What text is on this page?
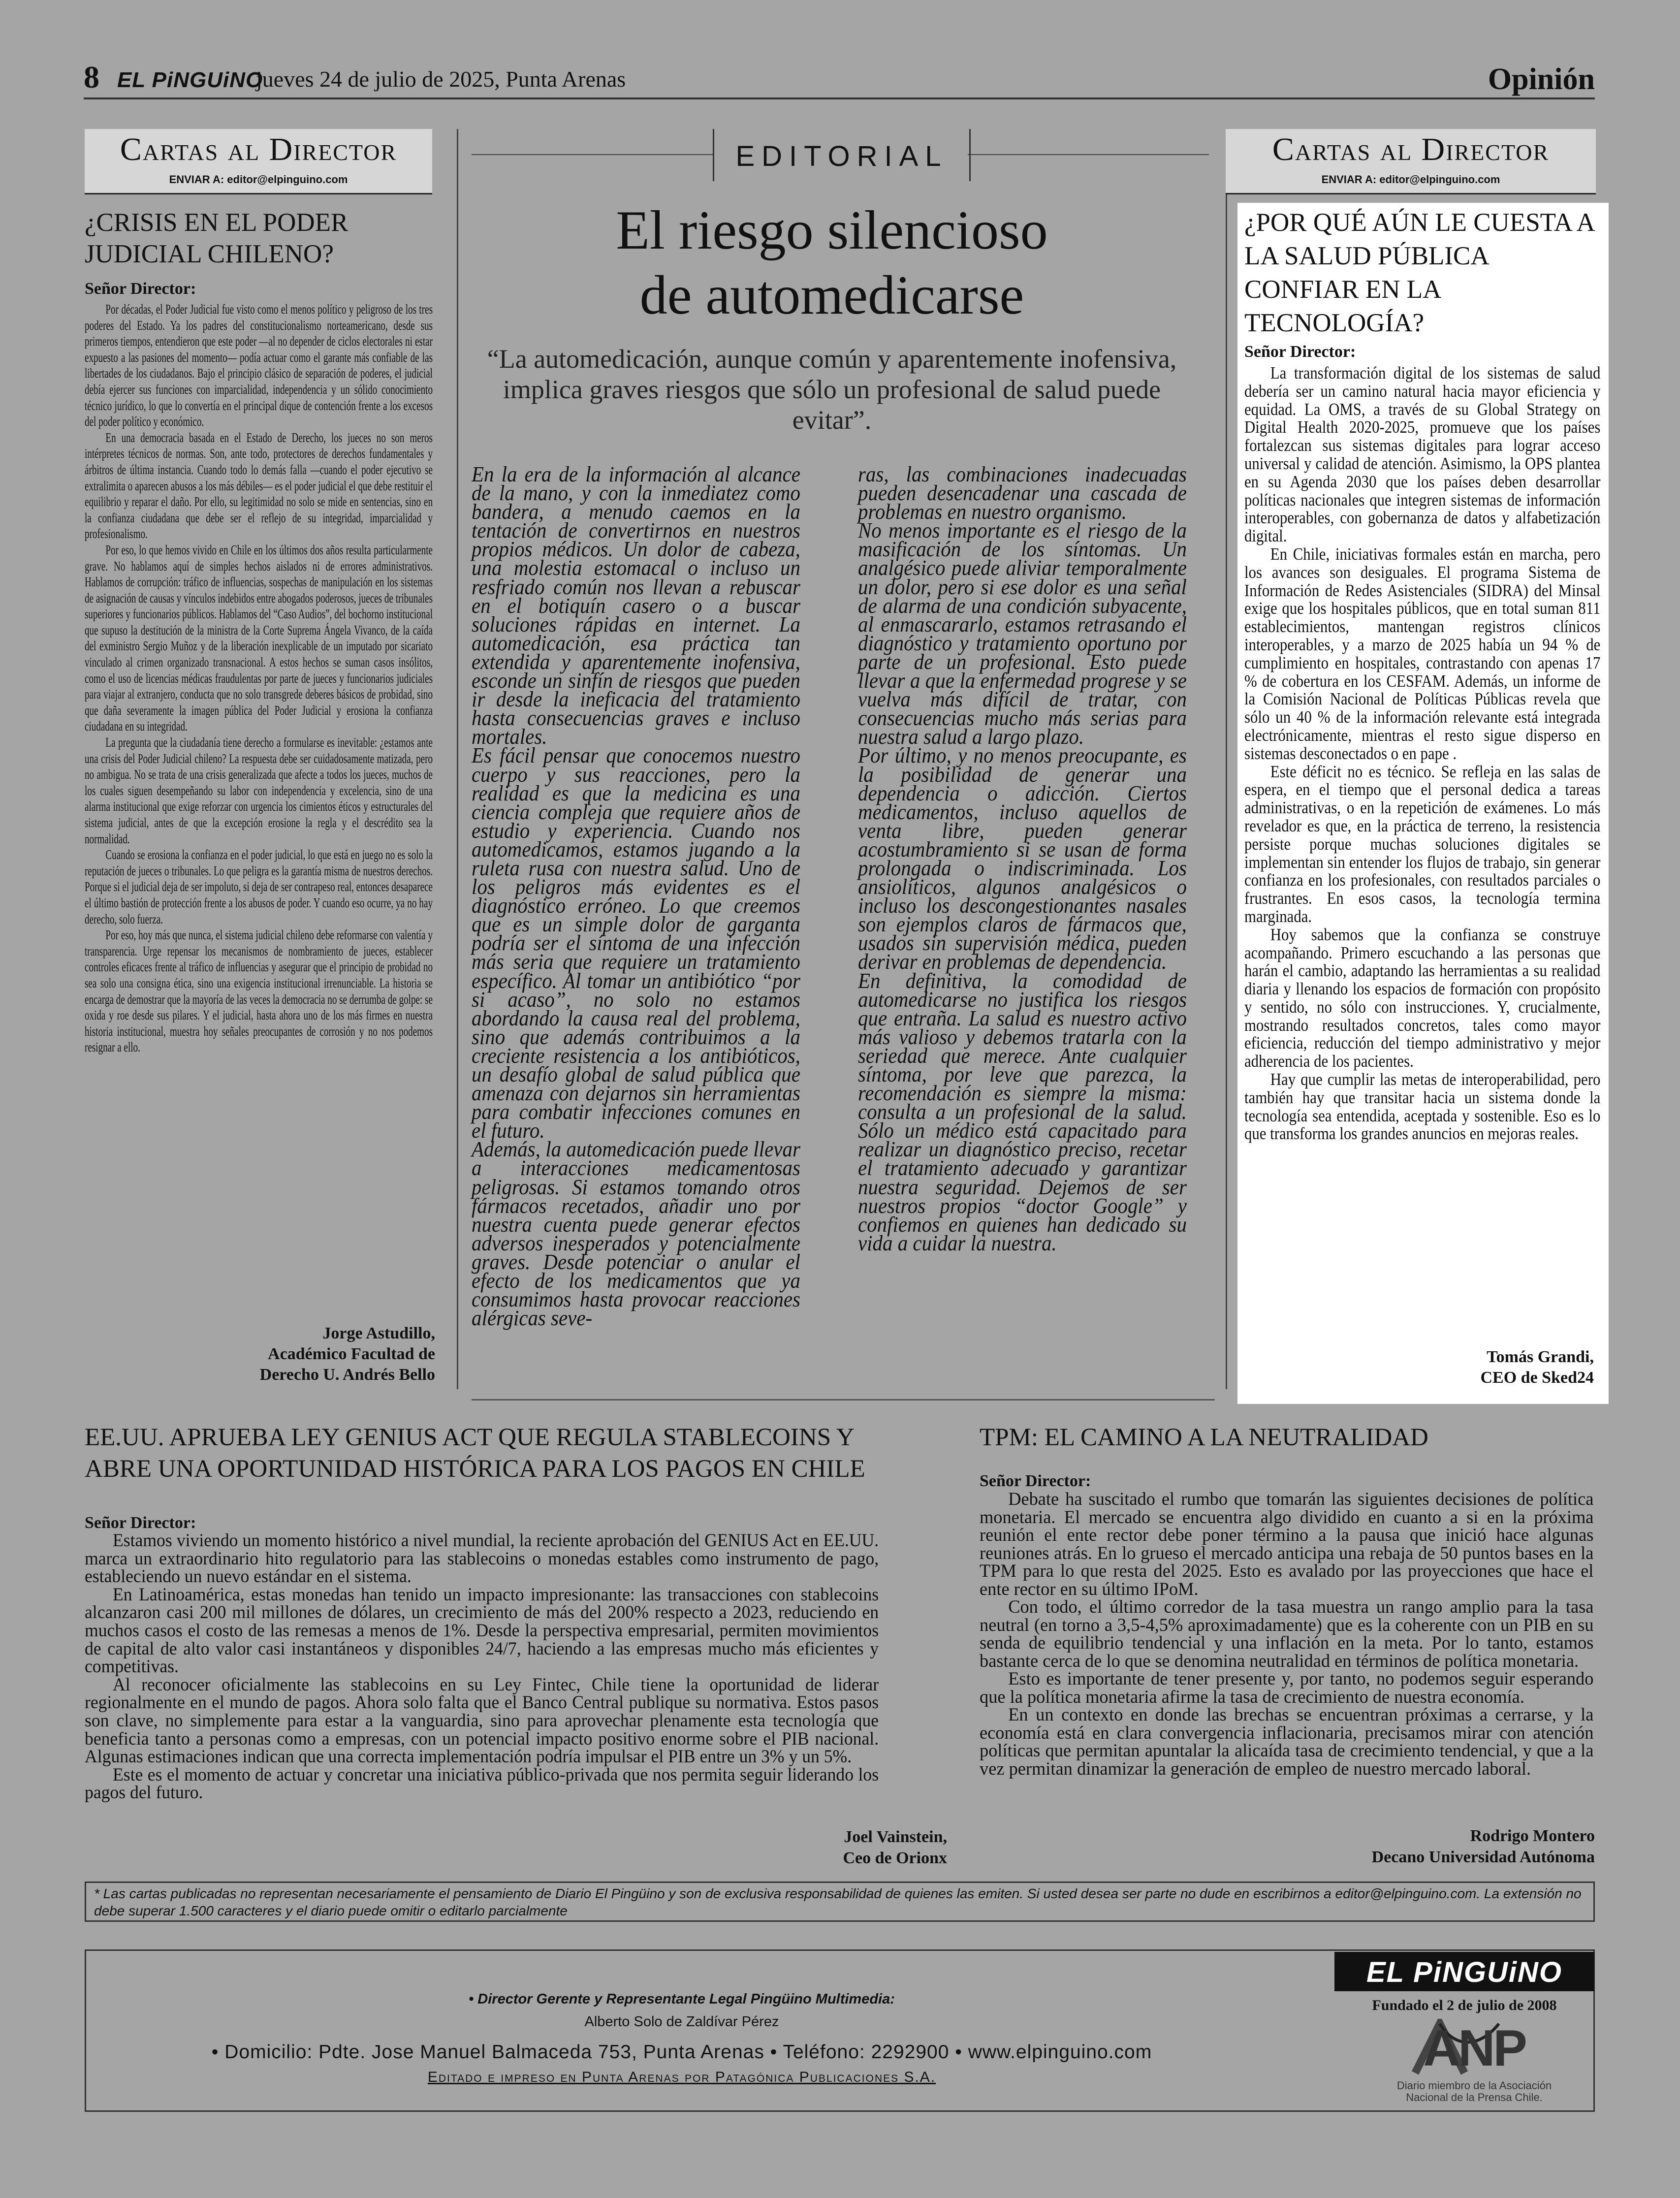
8 EL PiNGUiNO
jueves 24 de julio de 2025, Punta Arenas	Opinión
Cartas al Director
ENVIAR A: editor@elpinguino.com
¿CRISIS EN EL PODER JUDICIAL CHILENO?
Señor Director:

Por décadas, el Poder Judicial fue visto como el menos político y peligroso de los tres poderes del Estado. Ya los padres del constitucionalismo norteamericano, desde sus primeros tiempos, entendieron que este poder —al no depender de ciclos electorales ni estar expuesto a las pasiones del momento— podía actuar como el garante más confiable de las libertades de los ciudadanos. Bajo el principio clásico de separación de poderes, el judicial debía ejercer sus funciones con imparcialidad, independencia y un sólido conocimiento técnico jurídico, lo que lo convertía en el principal dique de contención frente a los excesos del poder político y económico.

En una democracia basada en el Estado de Derecho, los jueces no son meros intérpretes técnicos de normas. Son, ante todo, protectores de derechos fundamentales y árbitros de última instancia. Cuando todo lo demás falla —cuando el poder ejecutivo se extralimita o aparecen abusos a los más débiles— es el poder judicial el que debe restituir el equilibrio y reparar el daño. Por ello, su legitimidad no solo se mide en sentencias, sino en la confianza ciudadana que debe ser el reflejo de su integridad, imparcialidad y profesionalismo.

Por eso, lo que hemos vivido en Chile en los últimos dos años resulta particularmente grave. No hablamos aquí de simples hechos aislados ni de errores administrativos. Hablamos de corrupción: tráfico de influencias, sospechas de manipulación en los sistemas de asignación de causas y vínculos indebidos entre abogados poderosos, jueces de tribunales superiores y funcionarios públicos. Hablamos del “Caso Audios”, del bochorno institucional que supuso la destitución de la ministra de la Corte Suprema Ángela Vivanco, de la caída del exministro Sergio Muñoz y de la liberación inexplicable de un imputado por sicariato vinculado al crimen organizado transnacional. A estos hechos se suman casos insólitos, como el uso de licencias médicas fraudulentas por parte de jueces y funcionarios judiciales para viajar al extranjero, conducta que no solo transgrede deberes básicos de probidad, sino que daña severamente la imagen pública del Poder Judicial y erosiona la confianza ciudadana en su integridad.

La pregunta que la ciudadanía tiene derecho a formularse es inevitable: ¿estamos ante una crisis del Poder Judicial chileno? La respuesta debe ser cuidadosamente matizada, pero no ambigua. No se trata de una crisis generalizada que afecte a todos los jueces, muchos de los cuales siguen desempeñando su labor con independencia y excelencia, sino de una alarma institucional que exige reforzar con urgencia los cimientos éticos y estructurales del sistema judicial, antes de que la excepción erosione la regla y el descrédito sea la normalidad.

Cuando se erosiona la confianza en el poder judicial, lo que está en juego no es solo la reputación de jueces o tribunales. Lo que peligra es la garantía misma de nuestros derechos. Porque si el judicial deja de ser impoluto, si deja de ser contrapeso real, entonces desaparece el último bastión de protección frente a los abusos de poder. Y cuando eso ocurre, ya no hay derecho, solo fuerza.

Por eso, hoy más que nunca, el sistema judicial chileno debe reformarse con valentía y transparencia. Urge repensar los mecanismos de nombramiento de jueces, establecer controles eficaces frente al tráfico de influencias y asegurar que el principio de probidad no sea solo una consigna ética, sino una exigencia institucional irrenunciable. La historia se encarga de demostrar que la mayoría de las veces la democracia no se derrumba de golpe: se oxida y roe desde sus pilares. Y el judicial, hasta ahora uno de los más firmes en nuestra historia institucional, muestra hoy señales preocupantes de corrosión y no nos podemos resignar a ello.

Jorge Astudillo,
Académico Facultad de
Derecho U. Andrés Bello
EDITORIAL
El riesgo silencioso
de automedicarse
“La automedicación, aunque común y aparentemente inofensiva, implica graves riesgos que sólo un profesional de salud puede evitar”.

En la era de la información al alcance de la mano, y con la inmediatez como bandera, a menudo caemos en la tentación de convertirnos en nuestros propios médicos. Un dolor de cabeza, una molestia estomacal o incluso un resfriado común nos llevan a rebuscar en el botiquín casero o a buscar soluciones rápidas en internet. La automedicación, esa práctica tan extendida y aparentemente inofensiva, esconde un sinfín de riesgos que pueden ir desde la ineficacia del tratamiento hasta consecuencias graves e incluso mortales.

Es fácil pensar que conocemos nuestro cuerpo y sus reacciones, pero la realidad es que la medicina es una ciencia compleja que requiere años de estudio y experiencia. Cuando nos automedicamos, estamos jugando a la ruleta rusa con nuestra salud. Uno de los peligros más evidentes es el diagnóstico erróneo. Lo que creemos que es un simple dolor de garganta podría ser el síntoma de una infección más seria que requiere un tratamiento específico. Al tomar un antibiótico “por si acaso”, no solo no estamos abordando la causa real del problema, sino que además contribuimos a la creciente resistencia a los antibióticos, un desafío global de salud pública que amenaza con dejarnos sin herramientas para combatir infecciones comunes en el futuro.

Además, la automedicación puede llevar a interacciones medicamentosas peligrosas. Si estamos tomando otros fármacos recetados, añadir uno por nuestra cuenta puede generar efectos adversos inesperados y potencialmente graves. Desde potenciar o anular el efecto de los medicamentos que ya consumimos hasta provocar reacciones alérgicas seve-

ras, las combinaciones inadecuadas pueden desencadenar una cascada de problemas en nuestro organismo.

No menos importante es el riesgo de la masificación de los síntomas. Un analgésico puede aliviar temporalmente un dolor, pero si ese dolor es una señal de alarma de una condición subyacente, al enmascararlo, estamos retrasando el diagnóstico y tratamiento oportuno por parte de un profesional. Esto puede llevar a que la enfermedad progrese y se vuelva más difícil de tratar, con consecuencias mucho más serias para nuestra salud a largo plazo.

Por último, y no menos preocupante, es la posibilidad de generar una dependencia o adicción. Ciertos medicamentos, incluso aquellos de venta libre, pueden generar acostumbramiento si se usan de forma prolongada o indiscriminada. Los ansiolíticos, algunos analgésicos o incluso los descongestionantes nasales son ejemplos claros de fármacos que, usados sin supervisión médica, pueden derivar en problemas de dependencia.

En definitiva, la comodidad de automedicarse no justifica los riesgos que entraña. La salud es nuestro activo más valioso y debemos tratarla con la seriedad que merece. Ante cualquier síntoma, por leve que parezca, la recomendación es siempre la misma: consulta a un profesional de la salud. Sólo un médico está capacitado para realizar un diagnóstico preciso, recetar el tratamiento adecuado y garantizar nuestra seguridad. Dejemos de ser nuestros propios “doctor Google” y confiemos en quienes han dedicado su vida a cuidar la nuestra.

Cartas al Director
ENVIAR A: editor@elpinguino.com
¿POR QUÉ AÚN LE CUESTA A LA SALUD PÚBLICA CONFIAR EN LA TECNOLOGÍA?
Señor Director:

La transformación digital de los sistemas de salud debería ser un camino natural hacia mayor eficiencia y equidad. La OMS, a través de su Global Strategy on Digital Health 2020-2025, promueve que los países fortalezcan sus sistemas digitales para lograr acceso universal y calidad de atención. Asimismo, la OPS plantea en su Agenda 2030 que los países deben desarrollar políticas nacionales que integren sistemas de información interoperables, con gobernanza de datos y alfabetización digital.

En Chile, iniciativas formales están en marcha, pero los avances son desiguales. El programa Sistema de Información de Redes Asistenciales (SIDRA) del Minsal exige que los hospitales públicos, que en total suman 811 establecimientos, mantengan registros clínicos interoperables, y a marzo de 2025 había un 94 % de cumplimiento en hospitales, contrastando con apenas 17 % de cobertura en los CESFAM. Además, un informe de la Comisión Nacional de Políticas Públicas revela que sólo un 40 % de la información relevante está integrada electrónicamente, mientras el resto sigue disperso en sistemas desconectados o en pape .

Este déficit no es técnico. Se refleja en las salas de espera, en el tiempo que el personal dedica a tareas administrativas, o en la repetición de exámenes. Lo más revelador es que, en la práctica de terreno, la resistencia persiste porque muchas soluciones digitales se implementan sin entender los flujos de trabajo, sin generar confianza en los profesionales, con resultados parciales o frustrantes. En esos casos, la tecnología termina marginada.

Hoy sabemos que la confianza se construye acompañando. Primero escuchando a las personas que harán el cambio, adaptando las herramientas a su realidad diaria y llenando los espacios de formación con propósito y sentido, no sólo con instrucciones. Y, crucialmente, mostrando resultados concretos, tales como mayor eficiencia, reducción del tiempo administrativo y mejor adherencia de los pacientes.

Hay que cumplir las metas de interoperabilidad, pero también hay que transitar hacia un sistema donde la tecnología sea entendida, aceptada y sostenible. Eso es lo que transforma los grandes anuncios en mejoras reales.

Tomás Grandi,
CEO de Sked24
EE.UU. APRUEBA LEY GENIUS ACT QUE REGULA STABLECOINS Y
ABRE UNA OPORTUNIDAD HISTÓRICA PARA LOS PAGOS EN CHILE
Señor Director:

Estamos viviendo un momento histórico a nivel mundial, la reciente aprobación del GENIUS Act en EE.UU. marca un extraordinario hito regulatorio para las stablecoins o monedas estables como instrumento de pago, estableciendo un nuevo estándar en el sistema.

En Latinoamérica, estas monedas han tenido un impacto impresionante: las transacciones con stablecoins alcanzaron casi 200 mil millones de dólares, un crecimiento de más del 200% respecto a 2023, reduciendo en muchos casos el costo de las remesas a menos de 1%. Desde la perspectiva empresarial, permiten movimientos de capital de alto valor casi instantáneos y disponibles 24/7, haciendo a las empresas mucho más eficientes y competitivas.

Al reconocer oficialmente las stablecoins en su Ley Fintec, Chile tiene la oportunidad de liderar regionalmente en el mundo de pagos. Ahora solo falta que el Banco Central publique su normativa. Estos pasos son clave, no simplemente para estar a la vanguardia, sino para aprovechar plenamente esta tecnología que beneficia tanto a personas como a empresas, con un potencial impacto positivo enorme sobre el PIB nacional. Algunas estimaciones indican que una correcta implementación podría impulsar el PIB entre un 3% y un 5%.

Este es el momento de actuar y concretar una iniciativa público-privada que nos permita seguir liderando los pagos del futuro.

Joel Vainstein,
Ceo de Orionx
TPM: EL CAMINO A LA NEUTRALIDAD
Señor Director:

Debate ha suscitado el rumbo que tomarán las siguientes decisiones de política monetaria. El mercado se encuentra algo dividido en cuanto a si en la próxima reunión el ente rector debe poner término a la pausa que inició hace algunas reuniones atrás. En lo grueso el mercado anticipa una rebaja de 50 puntos bases en la TPM para lo que resta del 2025. Esto es avalado por las proyecciones que hace el ente rector en su último IPoM.

Con todo, el último corredor de la tasa muestra un rango amplio para la tasa neutral (en torno a 3,5-4,5% aproximadamente) que es la coherente con un PIB en su senda de equilibrio tendencial y una inflación en la meta. Por lo tanto, estamos bastante cerca de lo que se denomina neutralidad en términos de política monetaria.

Esto es importante de tener presente y, por tanto, no podemos seguir esperando que la política monetaria afirme la tasa de crecimiento de nuestra economía.

En un contexto en donde las brechas se encuentran próximas a cerrarse, y la economía está en clara convergencia inflacionaria, precisamos mirar con atención políticas que permitan apuntalar la alicaída tasa de crecimiento tendencial, y que a la vez permitan dinamizar la generación de empleo de nuestro mercado laboral.

Rodrigo Montero
Decano Universidad Autónoma
* Las cartas publicadas no representan necesariamente el pensamiento de Diario El Pingüino y son de exclusiva responsabilidad de quienes las emiten. Si usted desea ser parte no dude en escribirnos a editor@elpinguino.com. La extensión no debe superar 1.500 caracteres y el diario puede omitir o editarlo parcialmente
• Director Gerente y Representante Legal Pingüino Multimedia:
Alberto Solo de Zaldívar Pérez
• Domicilio: Pdte. Jose Manuel Balmaceda 753, Punta Arenas • Teléfono: 2292900 • www.elpinguino.com
Editado e impreso en Punta Arenas por Patagónica Publicaciones S.A.
EL PiNGUiNO
Fundado el 2 de julio de 2008
ANP
Diario miembro de la Asociación
Nacional de la Prensa Chile.
